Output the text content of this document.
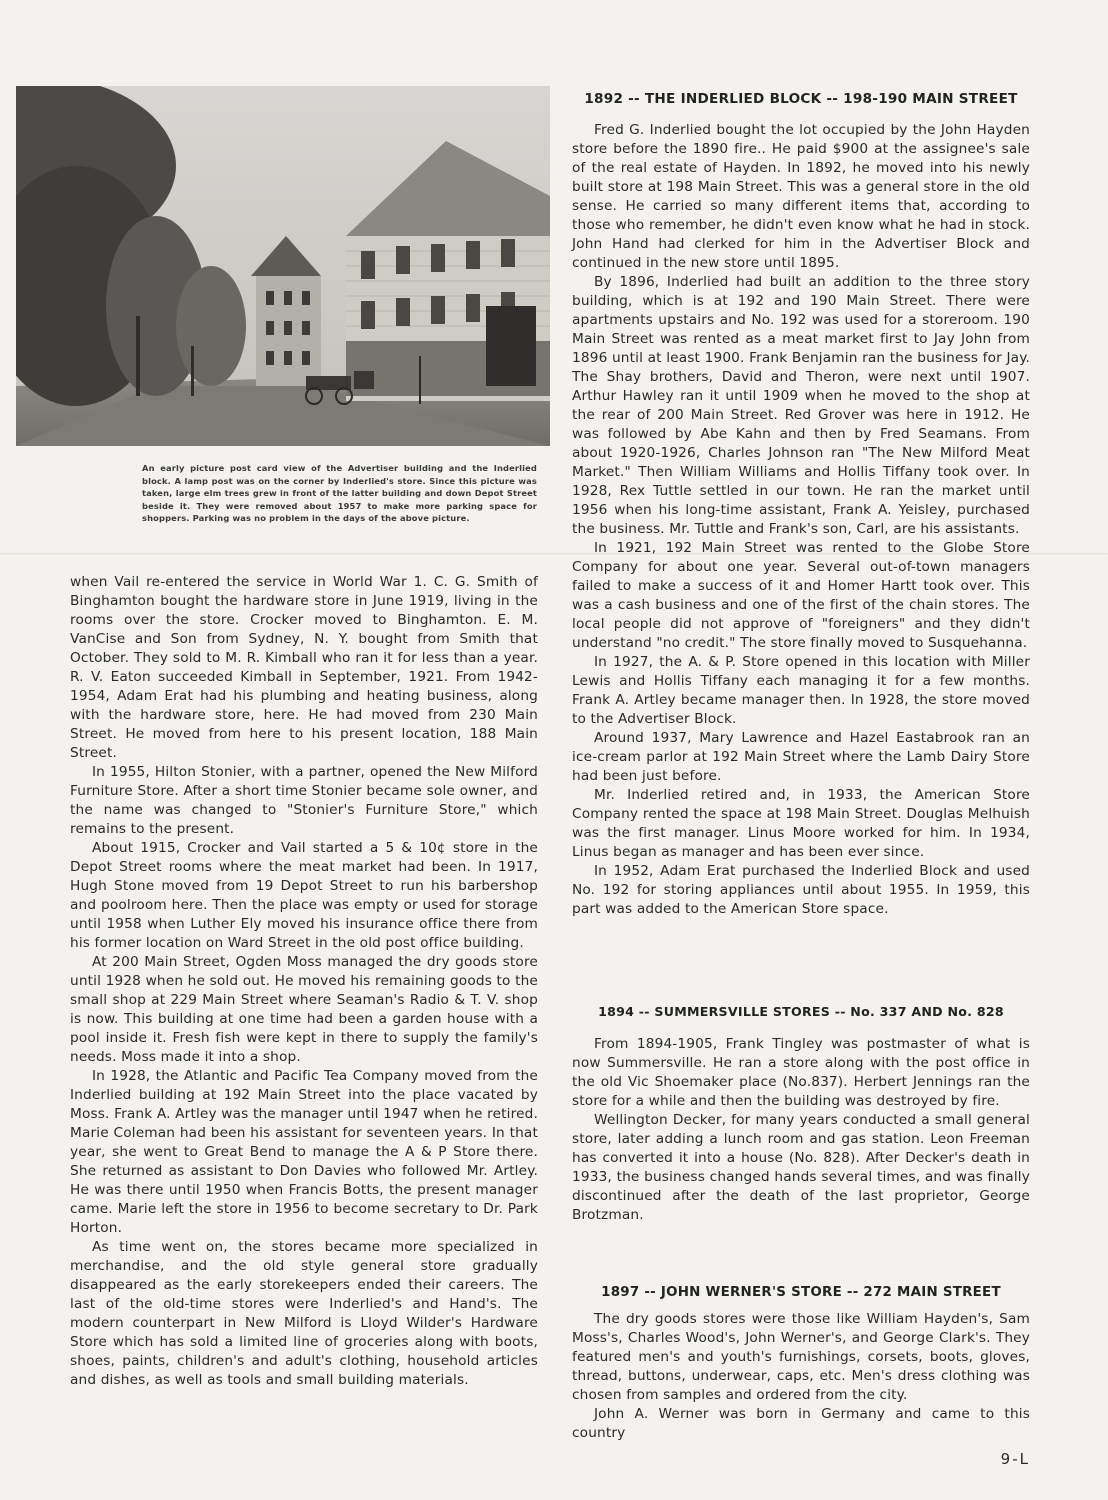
An early picture post card view of the Advertiser building and the Inderlied block. A lamp post was on the corner by Inderlied's store. Since this picture was taken, large elm trees grew in front of the latter building and down Depot Street beside it. They were removed about 1957 to make more parking space for shoppers. Parking was no problem in the days of the above picture.

when Vail re-entered the service in World War 1. C. G. Smith of Binghamton bought the hardware store in June 1919, living in the rooms over the store. Crocker moved to Binghamton. E. M. VanCise and Son from Sydney, N. Y. bought from Smith that October. They sold to M. R. Kimball who ran it for less than a year. R. V. Eaton succeeded Kimball in September, 1921. From 1942-1954, Adam Erat had his plumbing and heating business, along with the hardware store, here. He had moved from 230 Main Street. He moved from here to his present location, 188 Main Street.

In 1955, Hilton Stonier, with a partner, opened the New Milford Furniture Store. After a short time Stonier became sole owner, and the name was changed to "Stonier's Furniture Store," which remains to the present.

About 1915, Crocker and Vail started a 5 & 10¢ store in the Depot Street rooms where the meat market had been. In 1917, Hugh Stone moved from 19 Depot Street to run his barbershop and poolroom here. Then the place was empty or used for storage until 1958 when Luther Ely moved his insurance office there from his former location on Ward Street in the old post office building.

At 200 Main Street, Ogden Moss managed the dry goods store until 1928 when he sold out. He moved his remaining goods to the small shop at 229 Main Street where Seaman's Radio & T. V. shop is now. This building at one time had been a garden house with a pool inside it. Fresh fish were kept in there to supply the family's needs. Moss made it into a shop.

In 1928, the Atlantic and Pacific Tea Company moved from the Inderlied building at 192 Main Street into the place vacated by Moss. Frank A. Artley was the manager until 1947 when he retired. Marie Coleman had been his assistant for seventeen years. In that year, she went to Great Bend to manage the A & P Store there. She returned as assistant to Don Davies who followed Mr. Artley. He was there until 1950 when Francis Botts, the present manager came. Marie left the store in 1956 to become secretary to Dr. Park Horton.

As time went on, the stores became more specialized in merchandise, and the old style general store gradually disappeared as the early storekeepers ended their careers. The last of the old-time stores were Inderlied's and Hand's. The modern counterpart in New Milford is Lloyd Wilder's Hardware Store which has sold a limited line of groceries along with boots, shoes, paints, children's and adult's clothing, household articles and dishes, as well as tools and small building materials.

1892 -- THE INDERLIED BLOCK -- 198-190 MAIN STREET

Fred G. Inderlied bought the lot occupied by the John Hayden store before the 1890 fire.. He paid $900 at the assignee's sale of the real estate of Hayden. In 1892, he moved into his newly built store at 198 Main Street. This was a general store in the old sense. He carried so many different items that, according to those who remember, he didn't even know what he had in stock. John Hand had clerked for him in the Advertiser Block and continued in the new store until 1895.

By 1896, Inderlied had built an addition to the three story building, which is at 192 and 190 Main Street. There were apartments upstairs and No. 192 was used for a storeroom. 190 Main Street was rented as a meat market first to Jay John from 1896 until at least 1900. Frank Benjamin ran the business for Jay. The Shay brothers, David and Theron, were next until 1907. Arthur Hawley ran it until 1909 when he moved to the shop at the rear of 200 Main Street. Red Grover was here in 1912. He was followed by Abe Kahn and then by Fred Seamans. From about 1920-1926, Charles Johnson ran "The New Milford Meat Market." Then William Williams and Hollis Tiffany took over. In 1928, Rex Tuttle settled in our town. He ran the market until 1956 when his long-time assistant, Frank A. Yeisley, purchased the business. Mr. Tuttle and Frank's son, Carl, are his assistants.

In 1921, 192 Main Street was rented to the Globe Store Company for about one year. Several out-of-town managers failed to make a success of it and Homer Hartt took over. This was a cash business and one of the first of the chain stores. The local people did not approve of "foreigners" and they didn't understand "no credit." The store finally moved to Susquehanna.

In 1927, the A. & P. Store opened in this location with Miller Lewis and Hollis Tiffany each managing it for a few months. Frank A. Artley became manager then. In 1928, the store moved to the Advertiser Block.

Around 1937, Mary Lawrence and Hazel Eastabrook ran an ice-cream parlor at 192 Main Street where the Lamb Dairy Store had been just before.

Mr. Inderlied retired and, in 1933, the American Store Company rented the space at 198 Main Street. Douglas Melhuish was the first manager. Linus Moore worked for him. In 1934, Linus began as manager and has been ever since.

In 1952, Adam Erat purchased the Inderlied Block and used No. 192 for storing appliances until about 1955. In 1959, this part was added to the American Store space.

1894 -- SUMMERSVILLE STORES -- No. 337 AND No. 828

From 1894-1905, Frank Tingley was postmaster of what is now Summersville. He ran a store along with the post office in the old Vic Shoemaker place (No.837). Herbert Jennings ran the store for a while and then the building was destroyed by fire.

Wellington Decker, for many years conducted a small general store, later adding a lunch room and gas station. Leon Freeman has converted it into a house (No. 828). After Decker's death in 1933, the business changed hands several times, and was finally discontinued after the death of the last proprietor, George Brotzman.

1897 -- JOHN WERNER'S STORE -- 272 MAIN STREET

The dry goods stores were those like William Hayden's, Sam Moss's, Charles Wood's, John Werner's, and George Clark's. They featured men's and youth's furnishings, corsets, boots, gloves, thread, buttons, underwear, caps, etc. Men's dress clothing was chosen from samples and ordered from the city.

John A. Werner was born in Germany and came to this country

9-L
